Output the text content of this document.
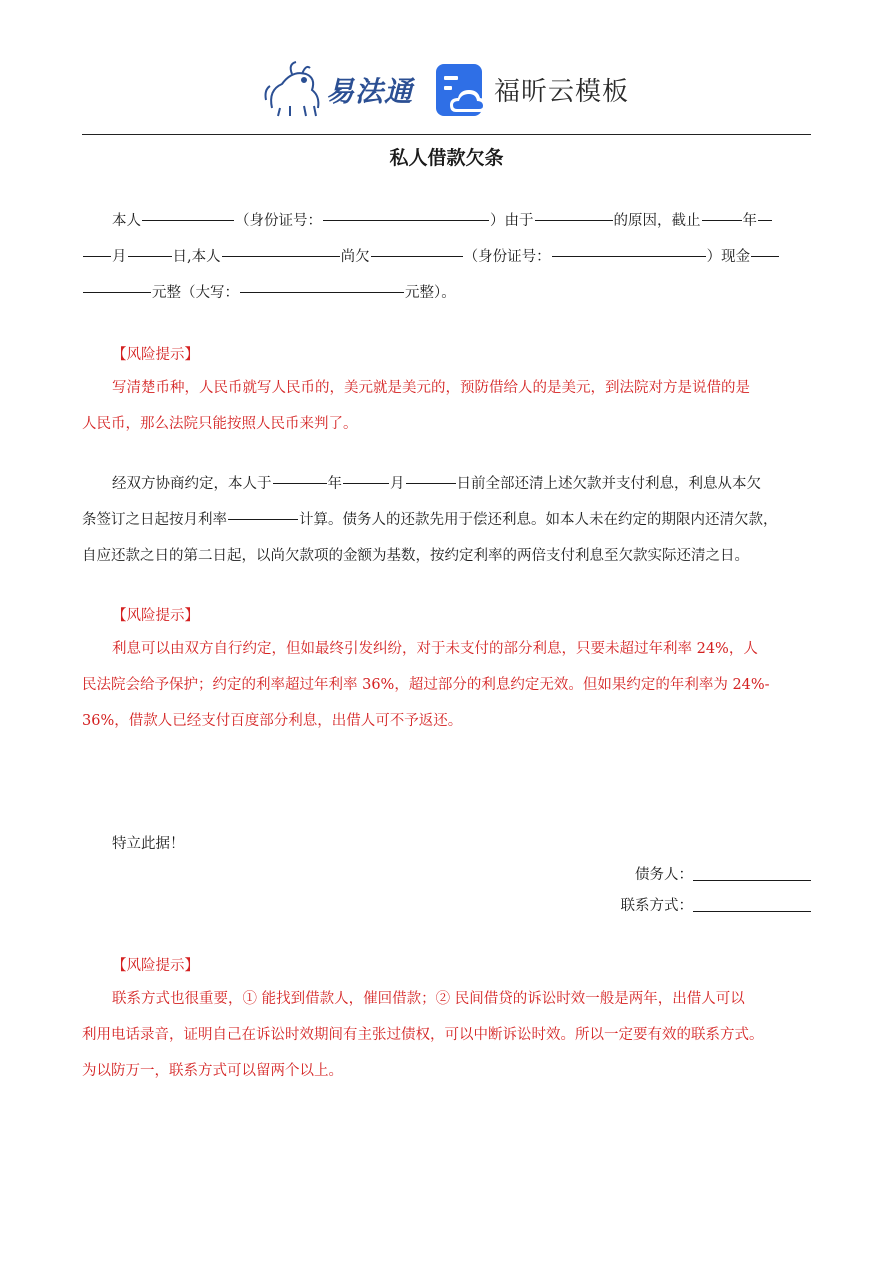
易法通	福昕云模板
私人借款欠条
本人	（身份证号：	）由于	的原因，截止	年
月	日,本人	尚欠	（身份证号：	）现金
元整（大写：	元整）。
【风险提示】
写清楚币种，人民币就写人民币的，美元就是美元的，预防借给人的是美元，到法院对方是说借的是
人民币，那么法院只能按照人民币来判了。
经双方协商约定，本人于	年	月	日前全部还清上述欠款并支付利息，利息从本欠
条签订之日起按月利率	计算。债务人的还款先用于偿还利息。如本人未在约定的期限内还清欠款，
自应还款之日的第二日起，以尚欠款项的金额为基数，按约定利率的两倍支付利息至欠款实际还清之日。
【风险提示】
利息可以由双方自行约定，但如最终引发纠纷，对于未支付的部分利息，只要未超过年利率 24%，人
民法院会给予保护；约定的利率超过年利率 36%，超过部分的利息约定无效。但如果约定的年利率为 24%-
36%，借款人已经支付百度部分利息，出借人可不予返还。
特立此据！
债务人：
联系方式：
【风险提示】
联系方式也很重要，① 能找到借款人，催回借款；② 民间借贷的诉讼时效一般是两年，出借人可以
利用电话录音，证明自己在诉讼时效期间有主张过债权，可以中断诉讼时效。所以一定要有效的联系方式。
为以防万一，联系方式可以留两个以上。
